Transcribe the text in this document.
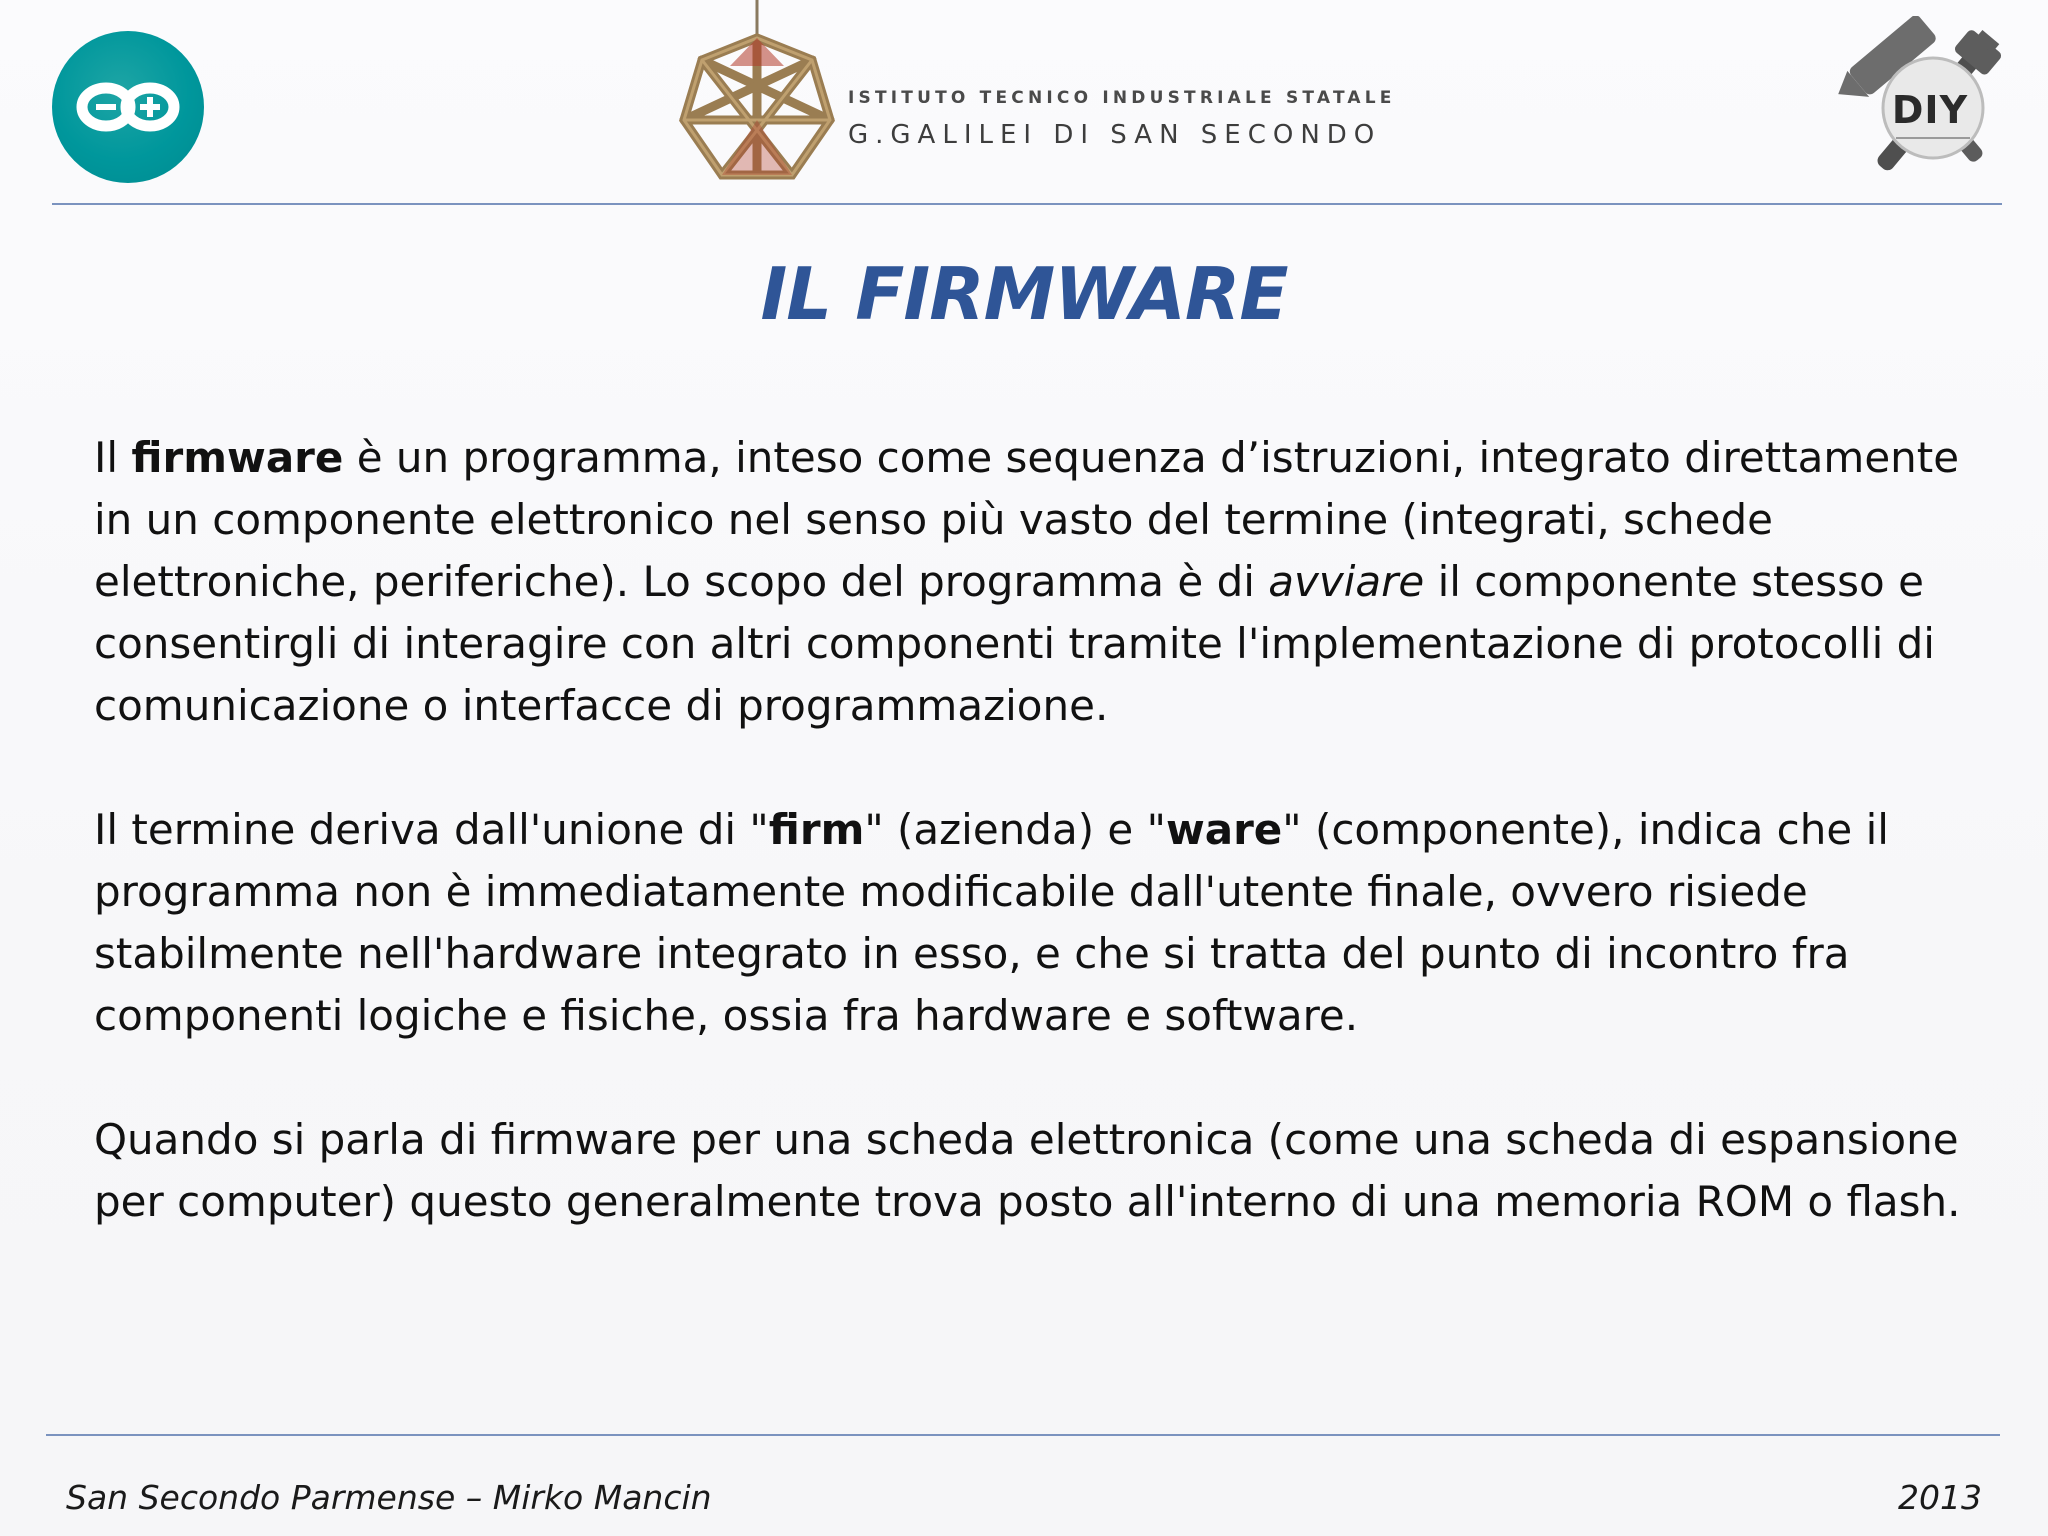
ISTITUTO TECNICO INDUSTRIALE STATALE
G.GALILEI DI SAN SECONDO
DIY
IL FIRMWARE

Il firmware è un programma, inteso come sequenza d’istruzioni, integrato direttamente in un componente elettronico nel senso più vasto del termine (integrati, schede elettroniche, periferiche). Lo scopo del programma è di avviare il componente stesso e consentirgli di interagire con altri componenti tramite l'implementazione di protocolli di comunicazione o interfacce di programmazione.

Il termine deriva dall'unione di "firm" (azienda) e "ware" (componente), indica che il programma non è immediatamente modificabile dall'utente finale, ovvero risiede stabilmente nell'hardware integrato in esso, e che si tratta del punto di incontro fra componenti logiche e fisiche, ossia fra hardware e software.

Quando si parla di firmware per una scheda elettronica (come una scheda di espansione per computer) questo generalmente trova posto all'interno di una memoria ROM o flash.

San Secondo Parmense – Mirko Mancin	2013
